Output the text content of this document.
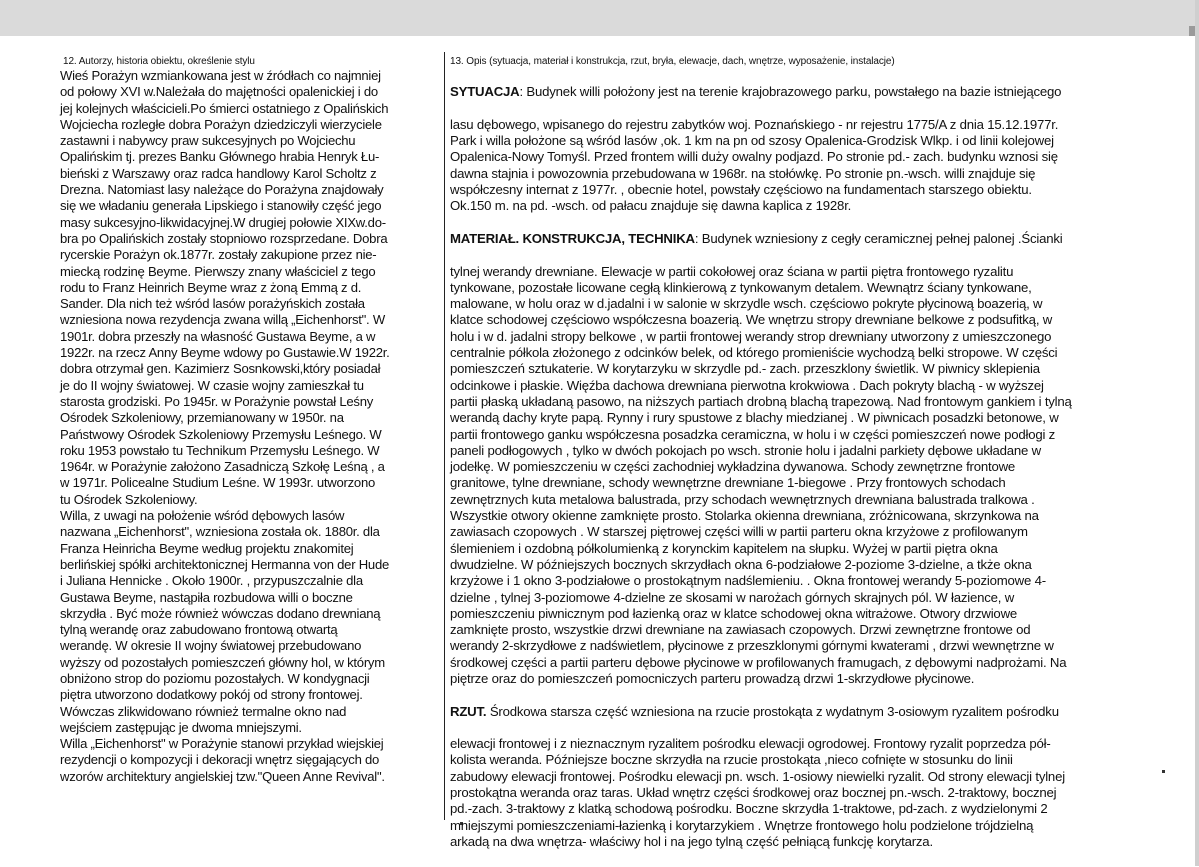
12. Autorzy, historia obiektu, określenie stylu
Wieś Porażyn wzmiankowana jest w źródłach co najmniej
od połowy XVI w.Należała do majętności opalenickiej i do
jej kolejnych właścicieli.Po śmierci ostatniego z Opalińskich
Wojciecha rozległe dobra Porażyn dziedziczyli wierzyciele
zastawni i nabywcy praw sukcesyjnych po Wojciechu
Opalińskim tj. prezes Banku Głównego hrabia Henryk Łu-
bieński z Warszawy oraz radca handlowy Karol Scholtz z
Drezna. Natomiast lasy należące do Porażyna znajdowały
się we władaniu generała Lipskiego i stanowiły część jego
masy sukcesyjno-likwidacyjnej.W drugiej połowie XIXw.do-
bra po Opalińskich zostały stopniowo rozsprzedane. Dobra
rycerskie Porażyn ok.1877r. zostały zakupione przez nie-
miecką rodzinę Beyme. Pierwszy znany właściciel z tego
rodu to Franz Heinrich Beyme wraz z żoną Emmą z d.
Sander. Dla nich też wśród lasów porażyńskich została
wzniesiona nowa rezydencja zwana willą „Eichenhorst". W
1901r. dobra przeszły na własność Gustawa Beyme, a w
1922r. na rzecz Anny Beyme wdowy po Gustawie.W 1922r.
dobra otrzymał gen. Kazimierz Sosnkowski,który posiadał
je do II wojny światowej. W czasie wojny zamieszkał tu
starosta grodziski. Po 1945r. w Porażynie powstał Leśny
Ośrodek Szkoleniowy, przemianowany w 1950r. na
Państwowy Ośrodek Szkoleniowy Przemysłu Leśnego. W
roku 1953 powstało tu Technikum Przemysłu Leśnego. W
1964r. w Porażynie założono Zasadniczą Szkołę Leśną , a
w 1971r. Policealne Studium Leśne. W 1993r. utworzono
tu Ośrodek Szkoleniowy.
Willa, z uwagi na położenie wśród dębowych lasów
nazwana „Eichenhorst", wzniesiona została ok. 1880r. dla
Franza Heinricha Beyme według projektu znakomitej
berlińskiej spółki architektonicznej Hermanna von der Hude
i Juliana Hennicke . Około 1900r. , przypuszczalnie dla
Gustawa Beyme, nastąpiła rozbudowa willi o boczne
skrzydła . Być może również wówczas dodano drewnianą
tylną werandę oraz zabudowano frontową otwartą
werandę. W okresie II wojny światowej przebudowano
wyższy od pozostałych pomieszczeń główny hol, w którym
obniżono strop do poziomu pozostałych. W kondygnacji
piętra utworzono dodatkowy pokój od strony frontowej.
Wówczas zlikwidowano również termalne okno nad
wejściem zastępując je dwoma mniejszymi.
Willa „Eichenhorst" w Porażynie stanowi przykład wiejskiej
rezydencji o kompozycji i dekoracji wnętrz sięgających do
wzorów architektury angielskiej tzw."Queen Anne Revival".
13. Opis (sytuacja, materiał i konstrukcja, rzut, bryła, elewacje, dach, wnętrze, wyposażenie, instalacje)

SYTUACJA: Budynek willi położony jest na terenie krajobrazowego parku, powstałego na bazie istniejącego

lasu dębowego, wpisanego do rejestru zabytków woj. Poznańskiego - nr rejestru 1775/A z dnia 15.12.1977r.
Park i willa położone są wśród lasów ,ok. 1 km na pn od szosy Opalenica-Grodzisk Wlkp. i od linii kolejowej
Opalenica-Nowy Tomyśl. Przed frontem willi duży owalny podjazd. Po stronie pd.- zach. budynku wznosi się
dawna stajnia i powozownia przebudowana w 1968r. na stołówkę. Po stronie pn.-wsch. willi znajduje się
współczesny internat z 1977r. , obecnie hotel, powstały częściowo na fundamentach starszego obiektu.
Ok.150 m. na pd. -wsch. od pałacu znajduje się dawna kaplica z 1928r.

MATERIAŁ. KONSTRUKCJA, TECHNIKA: Budynek wzniesiony z cegły ceramicznej pełnej palonej .Ścianki

tylnej werandy drewniane. Elewacje w partii cokołowej oraz ściana w partii piętra frontowego ryzalitu
tynkowane, pozostałe licowane cegłą klinkierową z tynkowanym detalem. Wewnątrz ściany tynkowane,
malowane, w holu oraz w d.jadalni i w salonie w skrzydle wsch. częściowo pokryte płycinową boazerią, w
klatce schodowej częściowo współczesna boazerią. We wnętrzu stropy drewniane belkowe z podsufitką, w
holu i w d. jadalni stropy belkowe , w partii frontowej werandy strop drewniany utworzony z umieszczonego
centralnie półkola złożonego z odcinków belek, od którego promieniście wychodzą belki stropowe. W części
pomieszczeń sztukaterie. W korytarzyku w skrzydle pd.- zach. przeszklony świetlik. W piwnicy sklepienia
odcinkowe i płaskie. Więźba dachowa drewniana pierwotna krokwiowa . Dach pokryty blachą - w wyższej
partii płaską układaną pasowo, na niższych partiach drobną blachą trapezową. Nad frontowym gankiem i tylną
werandą dachy kryte papą. Rynny i rury spustowe z blachy miedzianej . W piwnicach posadzki betonowe, w
partii frontowego ganku współczesna posadzka ceramiczna, w holu i w części pomieszczeń nowe podłogi z
paneli podłogowych , tylko w dwóch pokojach po wsch. stronie holu i jadalni parkiety dębowe układane w
jodełkę. W pomieszczeniu w części zachodniej wykładzina dywanowa. Schody zewnętrzne frontowe
granitowe, tylne drewniane, schody wewnętrzne drewniane 1-biegowe . Przy frontowych schodach
zewnętrznych kuta metalowa balustrada, przy schodach wewnętrznych drewniana balustrada tralkowa .
Wszystkie otwory okienne zamknięte prosto. Stolarka okienna drewniana, zróżnicowana, skrzynkowa na
zawiasach czopowych . W starszej piętrowej części willi w partii parteru okna krzyżowe z profilowanym
ślemieniem i ozdobną półkolumienką z korynckim kapitelem na słupku. Wyżej w partii piętra okna
dwudzielne. W późniejszych bocznych skrzydłach okna 6-podziałowe 2-poziome 3-dzielne, a tkże okna
krzyżowe i 1 okno 3-podziałowe o prostokątnym nadślemieniu. . Okna frontowej werandy 5-poziomowe 4-
dzielne , tylnej 3-poziomowe 4-dzielne ze skosami w narożach górnych skrajnych pól. W łazience, w
pomieszczeniu piwnicznym pod łazienką oraz w klatce schodowej okna witrażowe. Otwory drzwiowe
zamknięte prosto, wszystkie drzwi drewniane na zawiasach czopowych. Drzwi zewnętrzne frontowe od
werandy 2-skrzydłowe z nadświetlem, płycinowe z przeszklonymi górnymi kwaterami , drzwi wewnętrzne w
środkowej części a partii parteru dębowe płycinowe w profilowanych framugach, z dębowymi nadprożami. Na
piętrze oraz do pomieszczeń pomocniczych parteru prowadzą drzwi 1-skrzydłowe płycinowe.

RZUT. Środkowa starsza część wzniesiona na rzucie prostokąta z wydatnym 3-osiowym ryzalitem pośrodku

elewacji frontowej i z nieznacznym ryzalitem pośrodku elewacji ogrodowej. Frontowy ryzalit poprzedza pół-
kolista weranda. Późniejsze boczne skrzydła na rzucie prostokąta ,nieco cofnięte w stosunku do linii
zabudowy elewacji frontowej. Pośrodku elewacji pn. wsch. 1-osiowy niewielki ryzalit. Od strony elewacji tylnej
prostokątna weranda oraz taras. Układ wnętrz części środkowej oraz bocznej pn.-wsch. 2-traktowy, bocznej
pd.-zach. 3-traktowy z klatką schodową pośrodku. Boczne skrzydła 1-traktowe, pd-zach. z wydzielonymi 2
mniejszymi pomieszczeniami-łazienką i korytarzykiem . Wnętrze frontowego holu podzielone trójdzielną
arkadą na dwa wnętrza- właściwy hol i na jego tylną część pełniącą funkcję korytarza.
